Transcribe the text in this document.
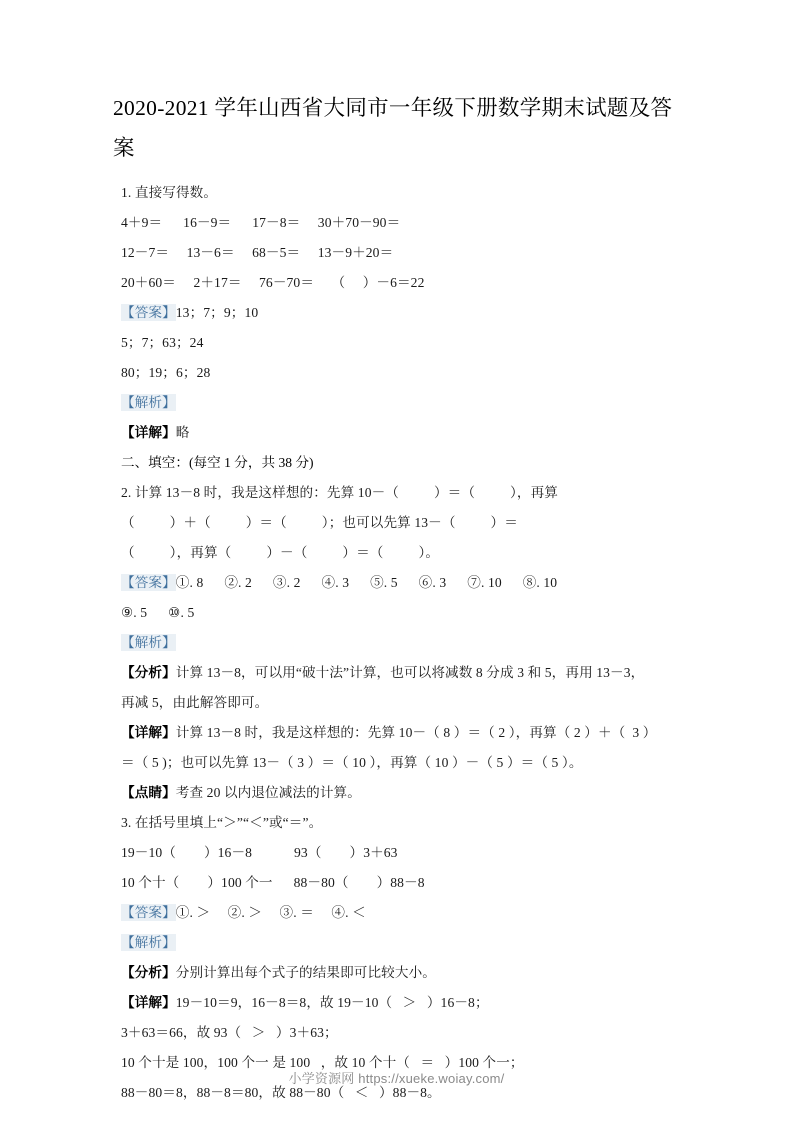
2020-2021 学年山西省大同市一年级下册数学期末试题及答案
1. 直接写得数。
4＋9＝      16－9＝      17－8＝     30＋70－90＝
12－7＝     13－6＝     68－5＝     13－9＋20＝
20＋60＝     2＋17＝     76－70＝     （     ）－6＝22
【答案】13；7；9；10
5；7；63；24
80；19；6；28
【解析】
【详解】略
二、填空：(每空 1 分，共 38 分)
2. 计算 13－8 时，我是这样想的：先算 10－（          ）＝（          ），再算
（          ）＋（          ）＝（          ）；也可以先算 13－（          ）＝
（          ），再算（          ）－（          ）＝（          ）。
【答案】①. 8      ②. 2      ③. 2      ④. 3      ⑤. 5      ⑥. 3      ⑦. 10      ⑧. 10
⑨. 5      ⑩. 5
【解析】
【分析】计算 13－8，可以用“破十法”计算，也可以将减数 8 分成 3 和 5，再用 13－3，
再减 5，由此解答即可。
【详解】计算 13－8 时，我是这样想的：先算 10－（ 8 ）＝（ 2 ），再算（ 2 ）＋（  3 ）
＝（ 5 )；也可以先算 13－（ 3 ）＝（ 10 ），再算（ 10 ）－（ 5 ）＝（ 5 ）。
【点睛】考查 20 以内退位减法的计算。
3. 在括号里填上“＞”“＜”或“＝”。
19－10（        ）16－8            93（        ）3＋63
10 个十（        ）100 个一      88－80（        ）88－8
【答案】①. ＞     ②. ＞     ③. ＝     ④. ＜
【解析】
【分析】分别计算出每个式子的结果即可比较大小。
【详解】19－10＝9，16－8＝8，故 19－10（   ＞   ）16－8；
3＋63＝66，故 93（   ＞   ）3＋63；
10 个十是 100，100 个一 是 100   ，故 10 个十（   ＝   ）100 个一；
88－80＝8，88－8＝80，故 88－80（   ＜   ）88－8。
小学资源网 https://xueke.woiay.com/
